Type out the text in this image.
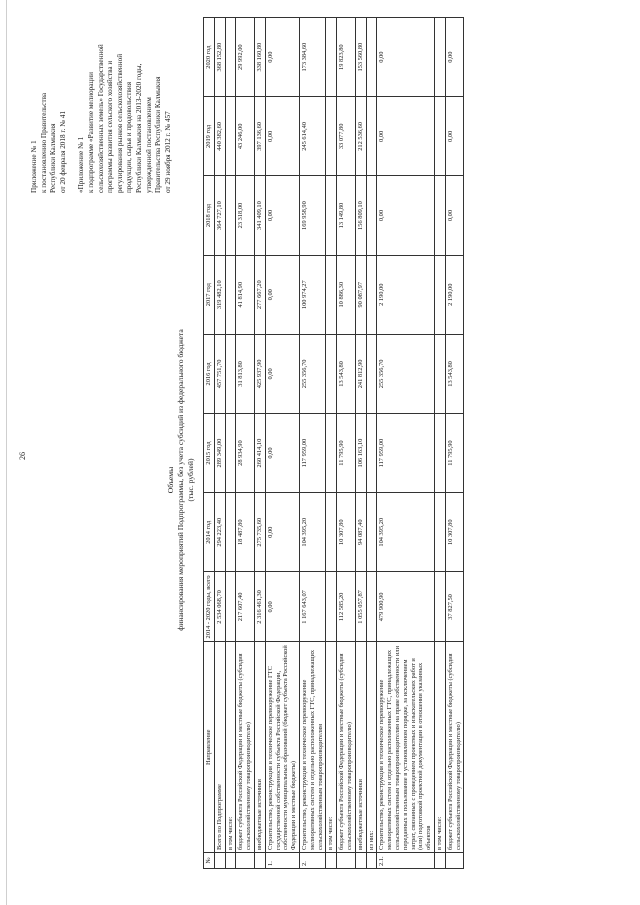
26

Приложение № 1 к постановлению Правительства Республики Калмыкия от 20 февраля 2018 г. № 41 «Приложение № 1 к подпрограмме «Развитие мелиорации сельскохозяйственных земель» Государственной программы развития сельского хозяйства и регулирования рынков сельскохозяйственной продукции, сырья и продовольствия Республики Калмыкия на 2013-2020 годы, утвержденной постановлением Правительства Республики Калмыкия от 29 ноября 2012 г. № 457

Объемы финансирования мероприятий Подпрограммы, без учета субсидий из федерального бюджета (тыс. рублей)
№	Направление	2014 - 2020 годы, всего	2014 год	2015 год	2016 год	2017 год	2018 год	2019 год	2020 год
	Всего по Подпрограмме	2 534 068,70	294 223,40	289 349,00	457 751,70	319 482,10	364 727,10	440 382,60	368 152,80
	в том числе:								
	бюджет субъекта Российской Федерации и местные бюджеты (субсидия сельскохозяйственному товаропроизводителю)	217 607,40	18 487,80	28 934,90	31 813,80	41 814,90	23 318,00	43 246,00	29 992,00
	внебюджетные источники	2 316 461,30	275 735,60	260 414,10	425 937,90	277 667,20	341 409,10	397 136,60	338 160,80
1.	Строительство, реконструкция и техническое перевооружение ГТС государственной собственности субъекта Российской Федерации, собственности муниципальных образований (бюджет субъекта Российской Федерации и местные бюджеты)	0,00	0,00	0,00	0,00	0,00	0,00	0,00	0,00
2.	Строительство, реконструкция и техническое перевооружение мелиоративных систем и отдельно расположенных ГТС, принадлежащих сельскохозяйственным товаропроизводителям	1 167 643,07	104 395,20	117 959,00	255 356,70	100 974,27	169 958,90	245 614,40	173 384,60
	в том числе:								
	бюджет субъекта Российской Федерации и местные бюджеты (субсидия сельскохозяйственному товаропроизводителю)	112 585,20	10 307,80	11 795,90	13 543,80	10 886,30	13 149,80	33 077,80	19 823,80
	внебюджетные источники	1 055 057,87	94 087,40	106 163,10	241 812,90	90 087,97	156 809,10	212 536,60	153 560,80
	из них:								
2.1.	Строительство, реконструкция и техническое перевооружение мелиоративных систем и отдельно расположенных ГТС, принадлежащих сельскохозяйственным товаропроизводителям на праве собственности или переданных в пользование в установленном порядке, за исключением затрат, связанных с проведением проектных и изыскательских работ и (или) подготовкой проектной документации в отношении указанных объектов	479 900,90	104 395,20	117 959,00	255 356,70	2 190,00	0,00	0,00	0,00
	в том числе:								
	бюджет субъекта Российской Федерации и местные бюджеты (субсидия сельскохозяйственному товаропроизводителю)	37 827,50	10 307,80	11 795,90	13 543,80	2 190,00	0,00	0,00	0,00
